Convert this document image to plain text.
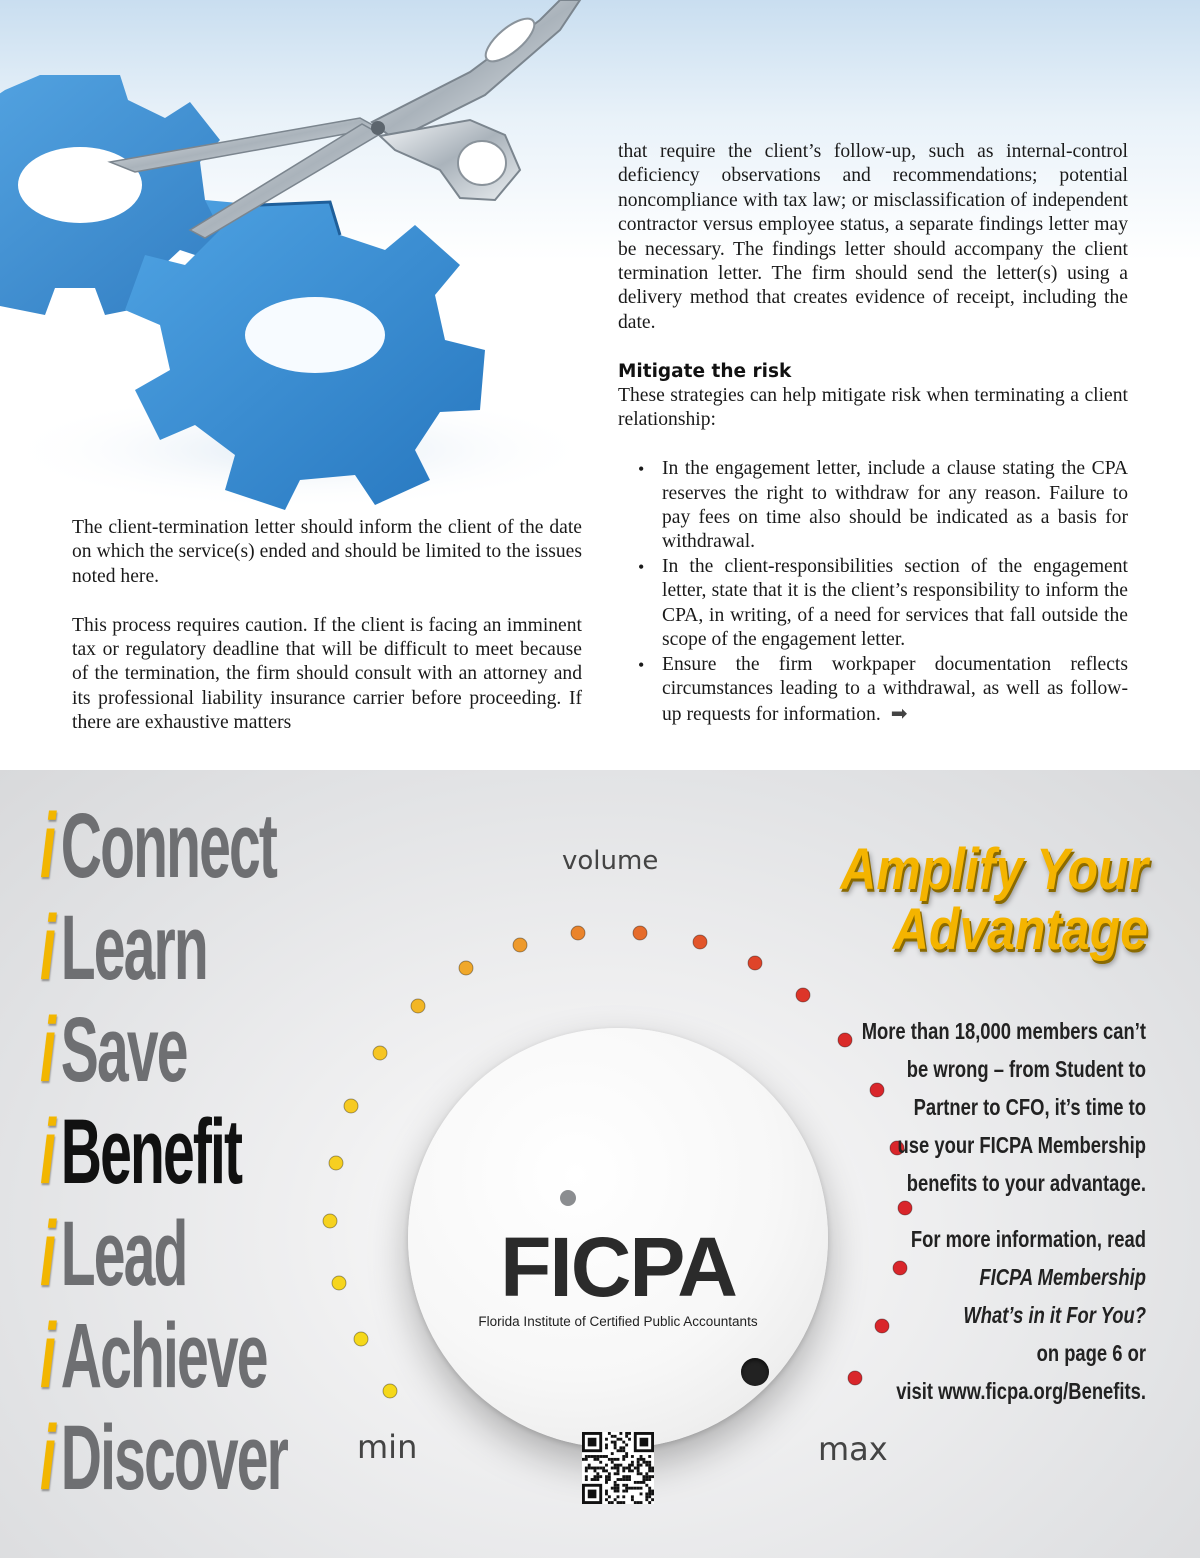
The client-termination letter should inform the client of the date on which the service(s) ended and should be limited to the issues noted here.

This process requires caution. If the client is facing an imminent tax or regulatory deadline that will be difficult to meet because of the termination, the firm should consult with an attorney and its professional liability insurance carrier before proceeding. If there are exhaustive matters

that require the client’s follow-up, such as internal-control deficiency observations and recommendations; potential noncompliance with tax law; or misclassification of independent contractor versus employee status, a separate findings letter may be necessary. The findings letter should accompany the client termination letter. The firm should send the letter(s) using a delivery method that creates evidence of receipt, including the date.

Mitigate the risk

These strategies can help mitigate risk when terminating a client relationship:

• In the engagement letter, include a clause stating the CPA reserves the right to withdraw for any reason. Failure to pay fees on time also should be indicated as a basis for withdrawal.
• In the client-responsibilities section of the engagement letter, state that it is the client’s responsibility to inform the CPA, in writing, of a need for services that fall outside the scope of the engagement letter.
• Ensure the firm workpaper documentation reflects circumstances leading to a withdrawal, as well as follow-up requests for information. ➡
i Connect
i Learn
i Save
i Benefit
i Lead
i Achieve
i Discover
volume
min	max
FICPA
Florida Institute of Certified Public Accountants
Amplify Your
Advantage
More than 18,000 members can’t
be wrong – from Student to
Partner to CFO, it’s time to
use your FICPA Membership
benefits to your advantage.
For more information, read
FICPA Membership
What’s in it For You?
on page 6 or
visit www.ficpa.org/Benefits.
